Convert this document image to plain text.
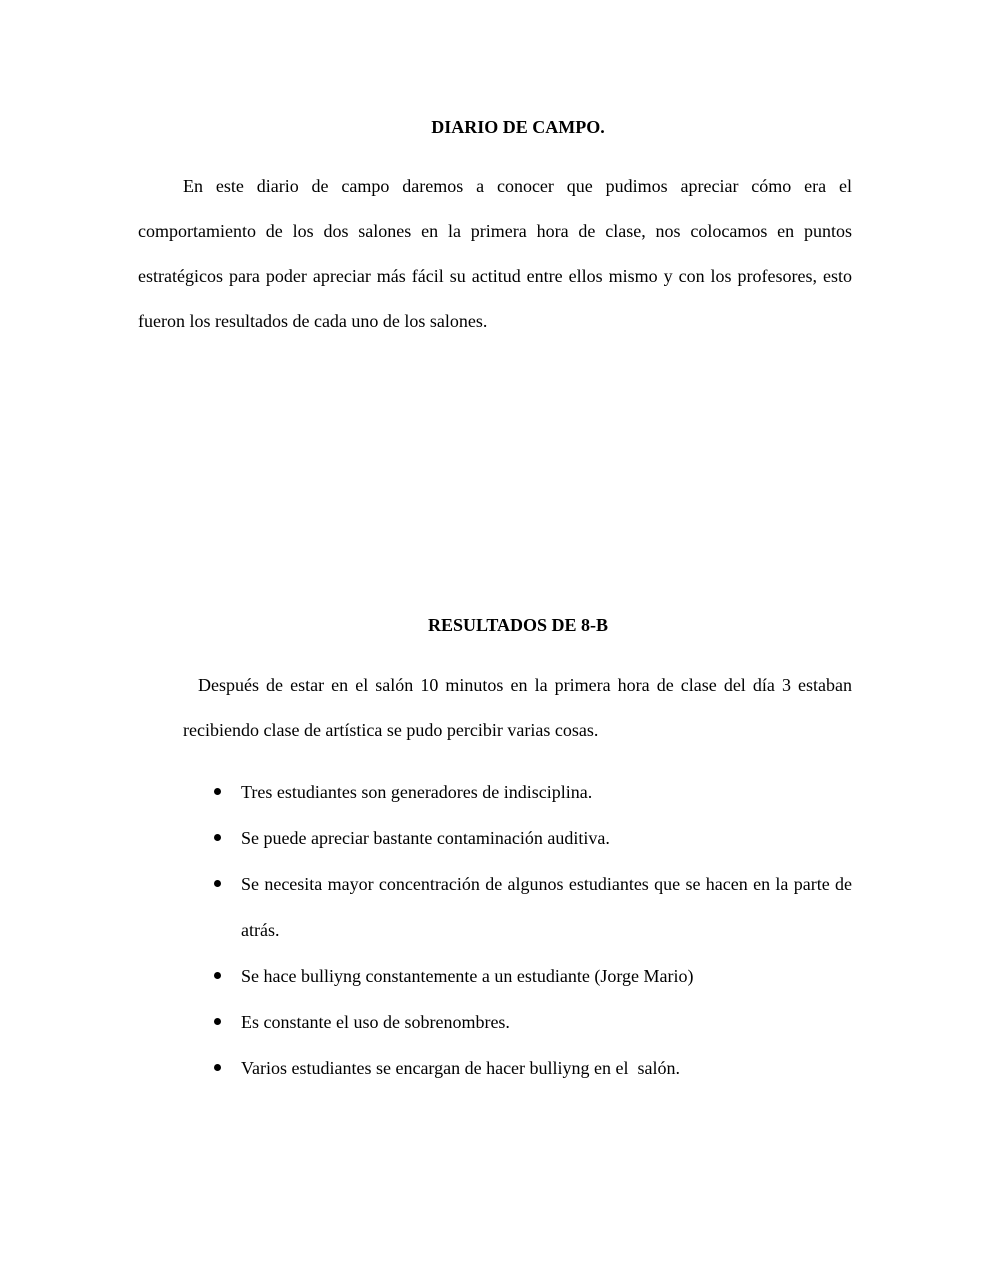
DIARIO DE CAMPO.

En este diario de campo daremos a conocer que pudimos apreciar cómo era el comportamiento de los dos salones en la primera hora de clase, nos colocamos en puntos estratégicos para poder apreciar más fácil su actitud entre ellos mismo y con los profesores, esto fueron los resultados de cada uno de los salones.

RESULTADOS DE 8-B

Después de estar en el salón 10 minutos en la primera hora de clase del día 3 estaban recibiendo clase de artística se pudo percibir varias cosas.

Tres estudiantes son generadores de indisciplina.
Se puede apreciar bastante contaminación auditiva.
Se necesita mayor concentración de algunos estudiantes que se hacen en la parte de atrás.
Se hace bulliyng constantemente a un estudiante (Jorge Mario)
Es constante el uso de sobrenombres.
Varios estudiantes se encargan de hacer bulliyng en el  salón.
